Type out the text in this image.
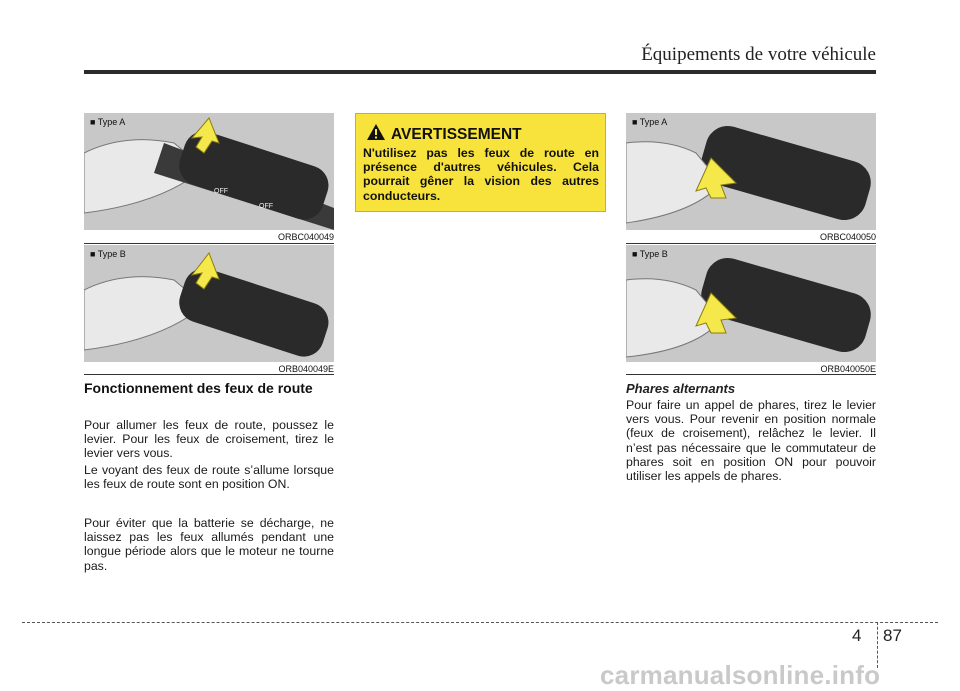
Équipements de votre véhicule
OFF
OFF
■ Type A
ORBC040049
■ Type B
ORB040049E
Fonctionnement des feux de route

Pour allumer les feux de route, poussez le levier. Pour les feux de croisement, tirez le levier vers vous.

Le voyant des feux de route s’allume lorsque les feux de route sont en position ON.

Pour éviter que la batterie se décharge, ne laissez pas les feux allumés pendant une longue période alors que le moteur ne tourne pas.

AVERTISSEMENT

N'utilisez pas les feux de route en présence d'autres véhicules. Cela pourrait gêner la vision des autres conducteurs.

■ Type A
ORBC040050
■ Type B
ORB040050E
Phares alternants

Pour faire un appel de phares, tirez le levier vers vous. Pour revenir en position normale (feux de croisement), relâchez le levier. Il n’est pas nécessaire que le commutateur de phares soit en position ON pour pouvoir utiliser les appels de phares.

4 87
carmanualsonline.info
